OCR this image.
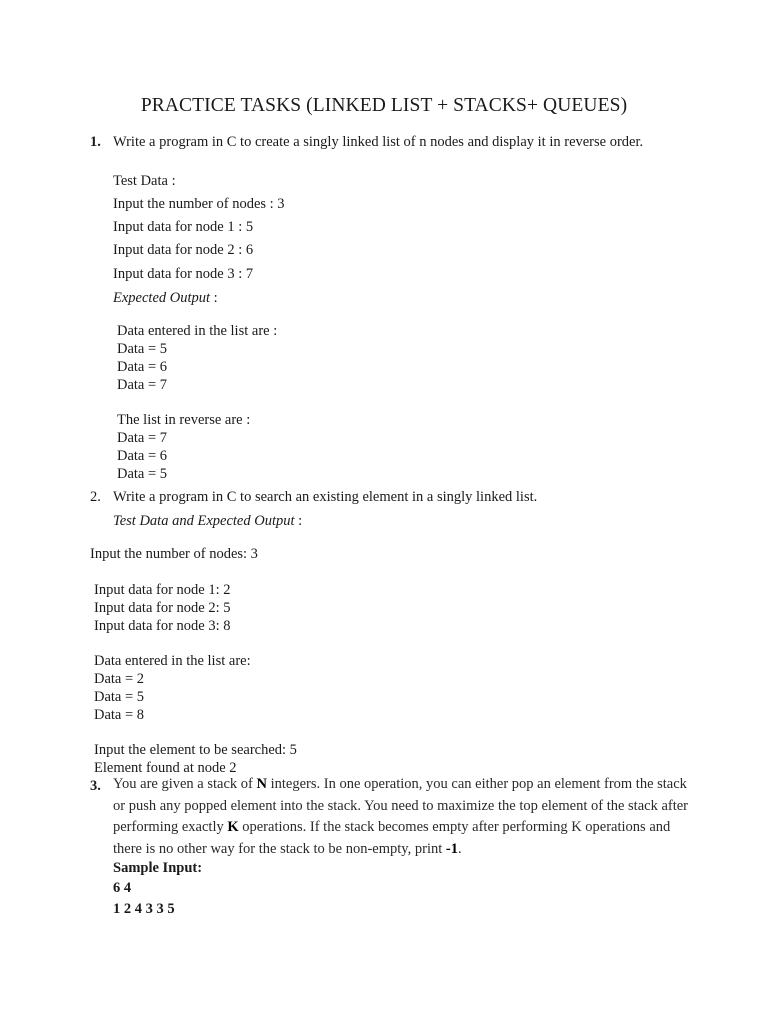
PRACTICE TASKS (LINKED LIST + STACKS+ QUEUES)
1. Write a program in C to create a singly linked list of n nodes and display it in reverse order.
Test Data :
Input the number of nodes : 3
Input data for node 1 : 5
Input data for node 2 : 6
Input data for node 3 : 7
Expected Output :
Data entered in the list are :
Data = 5
Data = 6
Data = 7
The list in reverse are :
Data = 7
Data = 6
Data = 5
2. Write a program in C to search an existing element in a singly linked list.
Test Data and Expected Output :
Input the number of nodes: 3
Input data for node 1: 2
Input data for node 2: 5
Input data for node 3: 8
Data entered in the list are:
Data = 2
Data = 5
Data = 8
Input the element to be searched: 5
Element found at node 2
3. You are given a stack of N integers. In one operation, you can either pop an element from the stack or push any popped element into the stack. You need to maximize the top element of the stack after performing exactly K operations. If the stack becomes empty after performing K operations and there is no other way for the stack to be non-empty, print -1.
Sample Input:
6 4
1 2 4 3 3 5
